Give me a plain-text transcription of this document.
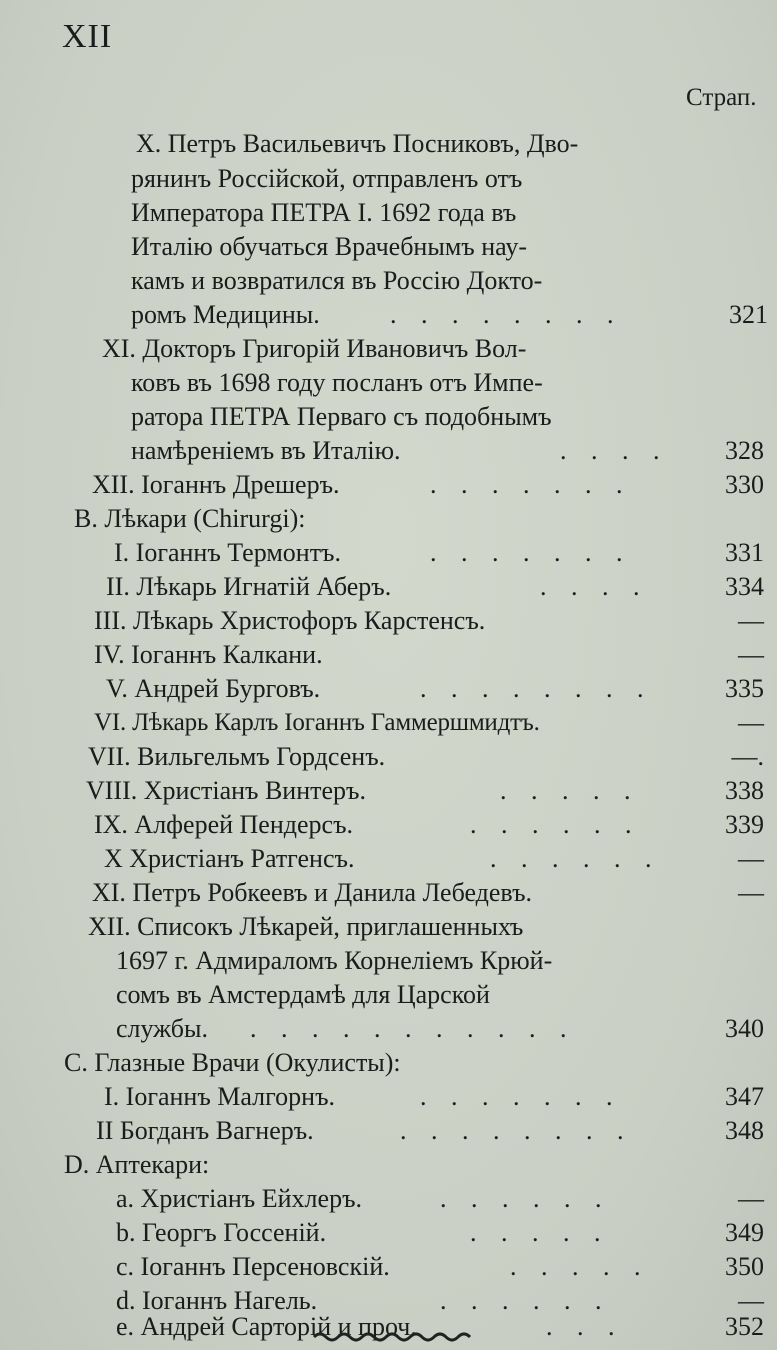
XII
Страп.
X. Петръ Васильевичъ Посниковъ, Дво-
рянинъ Россійской, отправленъ отъ
Императора ПЕТРА І. 1692 года въ
Италію обучаться Врачебнымъ нау-
камъ и возвратился въ Россію Докто-
ромъ Медицины.	. . . . . . . .	321
XI. Докторъ Григорій Ивановичъ Вол-
ковъ въ 1698 году посланъ отъ Импе-
ратора ПЕТРА Перваго съ подобнымъ
намѣреніемъ въ Италію.	. . . .	328
XII. Іоганнъ Дрешеръ.	. . . . . . .	330
B. Лѣкари (Chirurgi):
I. Іоганнъ Термонтъ.	. . . . . . .	331
II. Лѣкарь Игнатій Аберъ.	. . . .	334
III. Лѣкарь Христофоръ Карстенсъ.	—
IV. Іоганнъ Калкани.	—
V. Андрей Бурговъ.	. . . . . . . .	335
VI. Лѣкарь Карлъ Іоганнъ Гаммершмидтъ.	—
VII. Вильгельмъ Гордсенъ.	—.
VIII. Христіанъ Винтеръ.	. . . . .	338
IX. Алферей Пендерсъ.	. . . . . .	339
X Христіанъ Ратгенсъ.	. . . . . .	—
XI. Петръ Робкеевъ и Данила Лебедевъ.	—
XII. Списокъ Лѣкарей, приглашенныхъ
1697 г. Адмираломъ Корнеліемъ Крюй-
сомъ въ Амстердамѣ для Царской
службы. . . . . . . . . . . .	340
C. Глазные Врачи (Окулисты):
I. Іоганнъ Малгорнъ.	. . . . . . .	347
II Богданъ Вагнеръ.	. . . . . . . .	348
D. Аптекари:
a. Христіанъ Ейхлеръ.	. . . . . .	—
b. Георгъ Госсеній.	. . . . .	349
c. Іоганнъ Персеновскій.	. . . . .	350
d. Іоганнъ Нагель.	. . . . . .	—
e. Андрей Сарторій и проч.	. . .	352
